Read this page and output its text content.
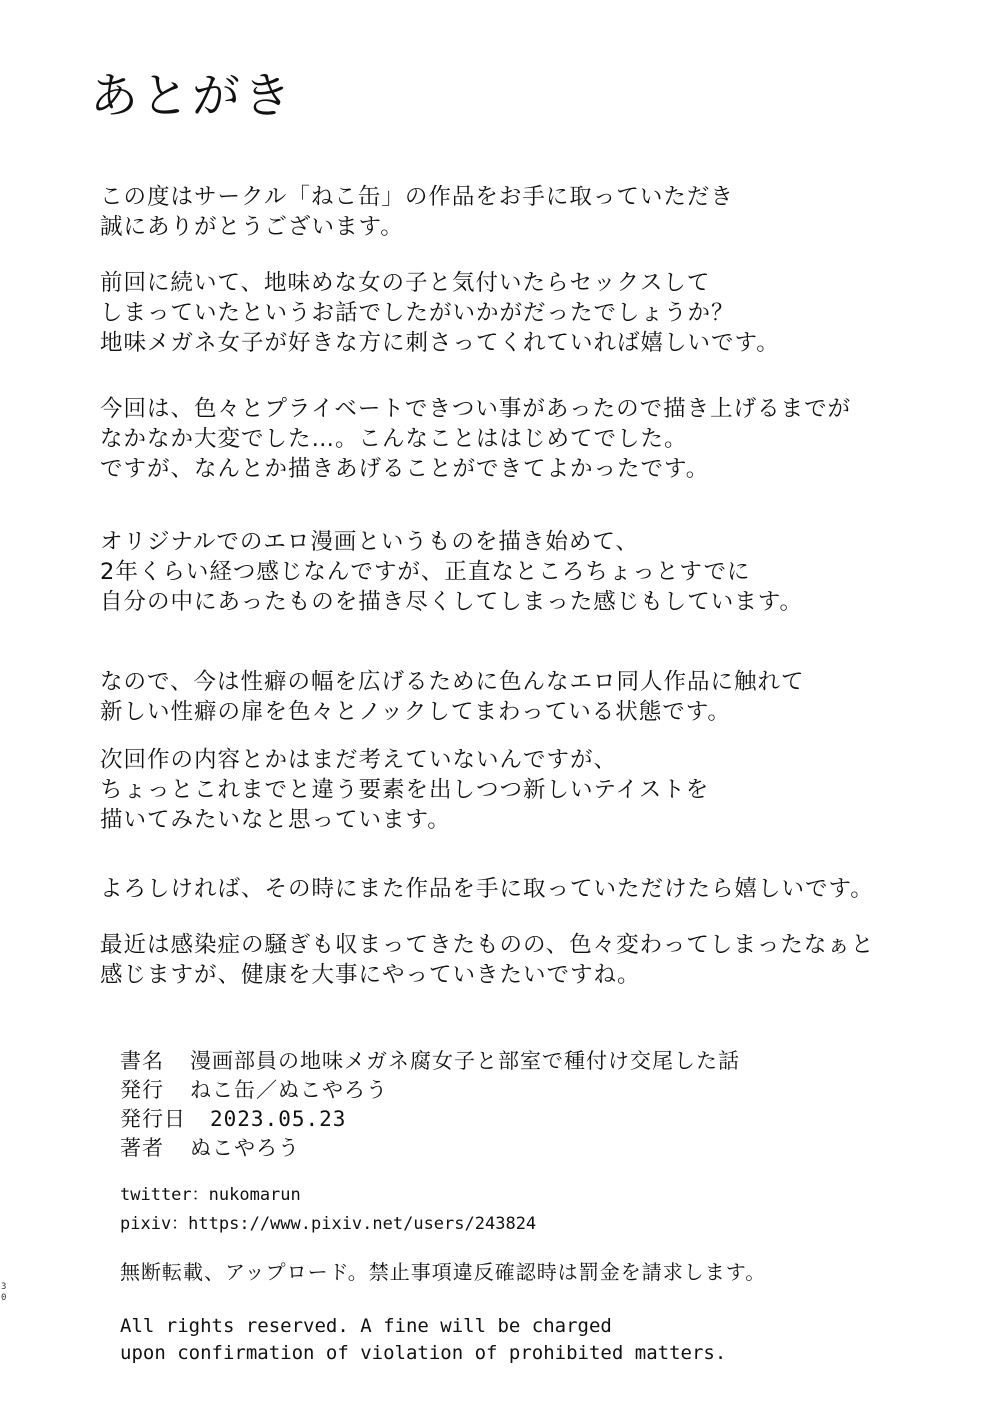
あとがき
この度はサークル「ねこ缶」の作品をお手に取っていただき
誠にありがとうございます。
前回に続いて、地味めな女の子と気付いたらセックスして
しまっていたというお話でしたがいかがだったでしょうか？
地味メガネ女子が好きな方に刺さってくれていれば嬉しいです。
今回は、色々とプライベートできつい事があったので描き上げるまでが
なかなか大変でした…。こんなことははじめてでした。
ですが、なんとか描きあげることができてよかったです。
オリジナルでのエロ漫画というものを描き始めて、
2年くらい経つ感じなんですが、正直なところちょっとすでに
自分の中にあったものを描き尽くしてしまった感じもしています。
なので、今は性癖の幅を広げるために色んなエロ同人作品に触れて
新しい性癖の扉を色々とノックしてまわっている状態です。
次回作の内容とかはまだ考えていないんですが、
ちょっとこれまでと違う要素を出しつつ新しいテイストを
描いてみたいなと思っています。
よろしければ、その時にまた作品を手に取っていただけたら嬉しいです。
最近は感染症の騒ぎも収まってきたものの、色々変わってしまったなぁと
感じますが、健康を大事にやっていきたいですね。
書名 漫画部員の地味メガネ腐女子と部室で種付け交尾した話
発行 ねこ缶／ぬこやろう
発行日 2023.05.23
著者 ぬこやろう
twitter：nukomarun
pixiv：https://www.pixiv.net/users/243824
無断転載、アップロード。禁止事項違反確認時は罰金を請求します。
All rights reserved. A fine will be charged
upon confirmation of violation of prohibited matters.
3
0
